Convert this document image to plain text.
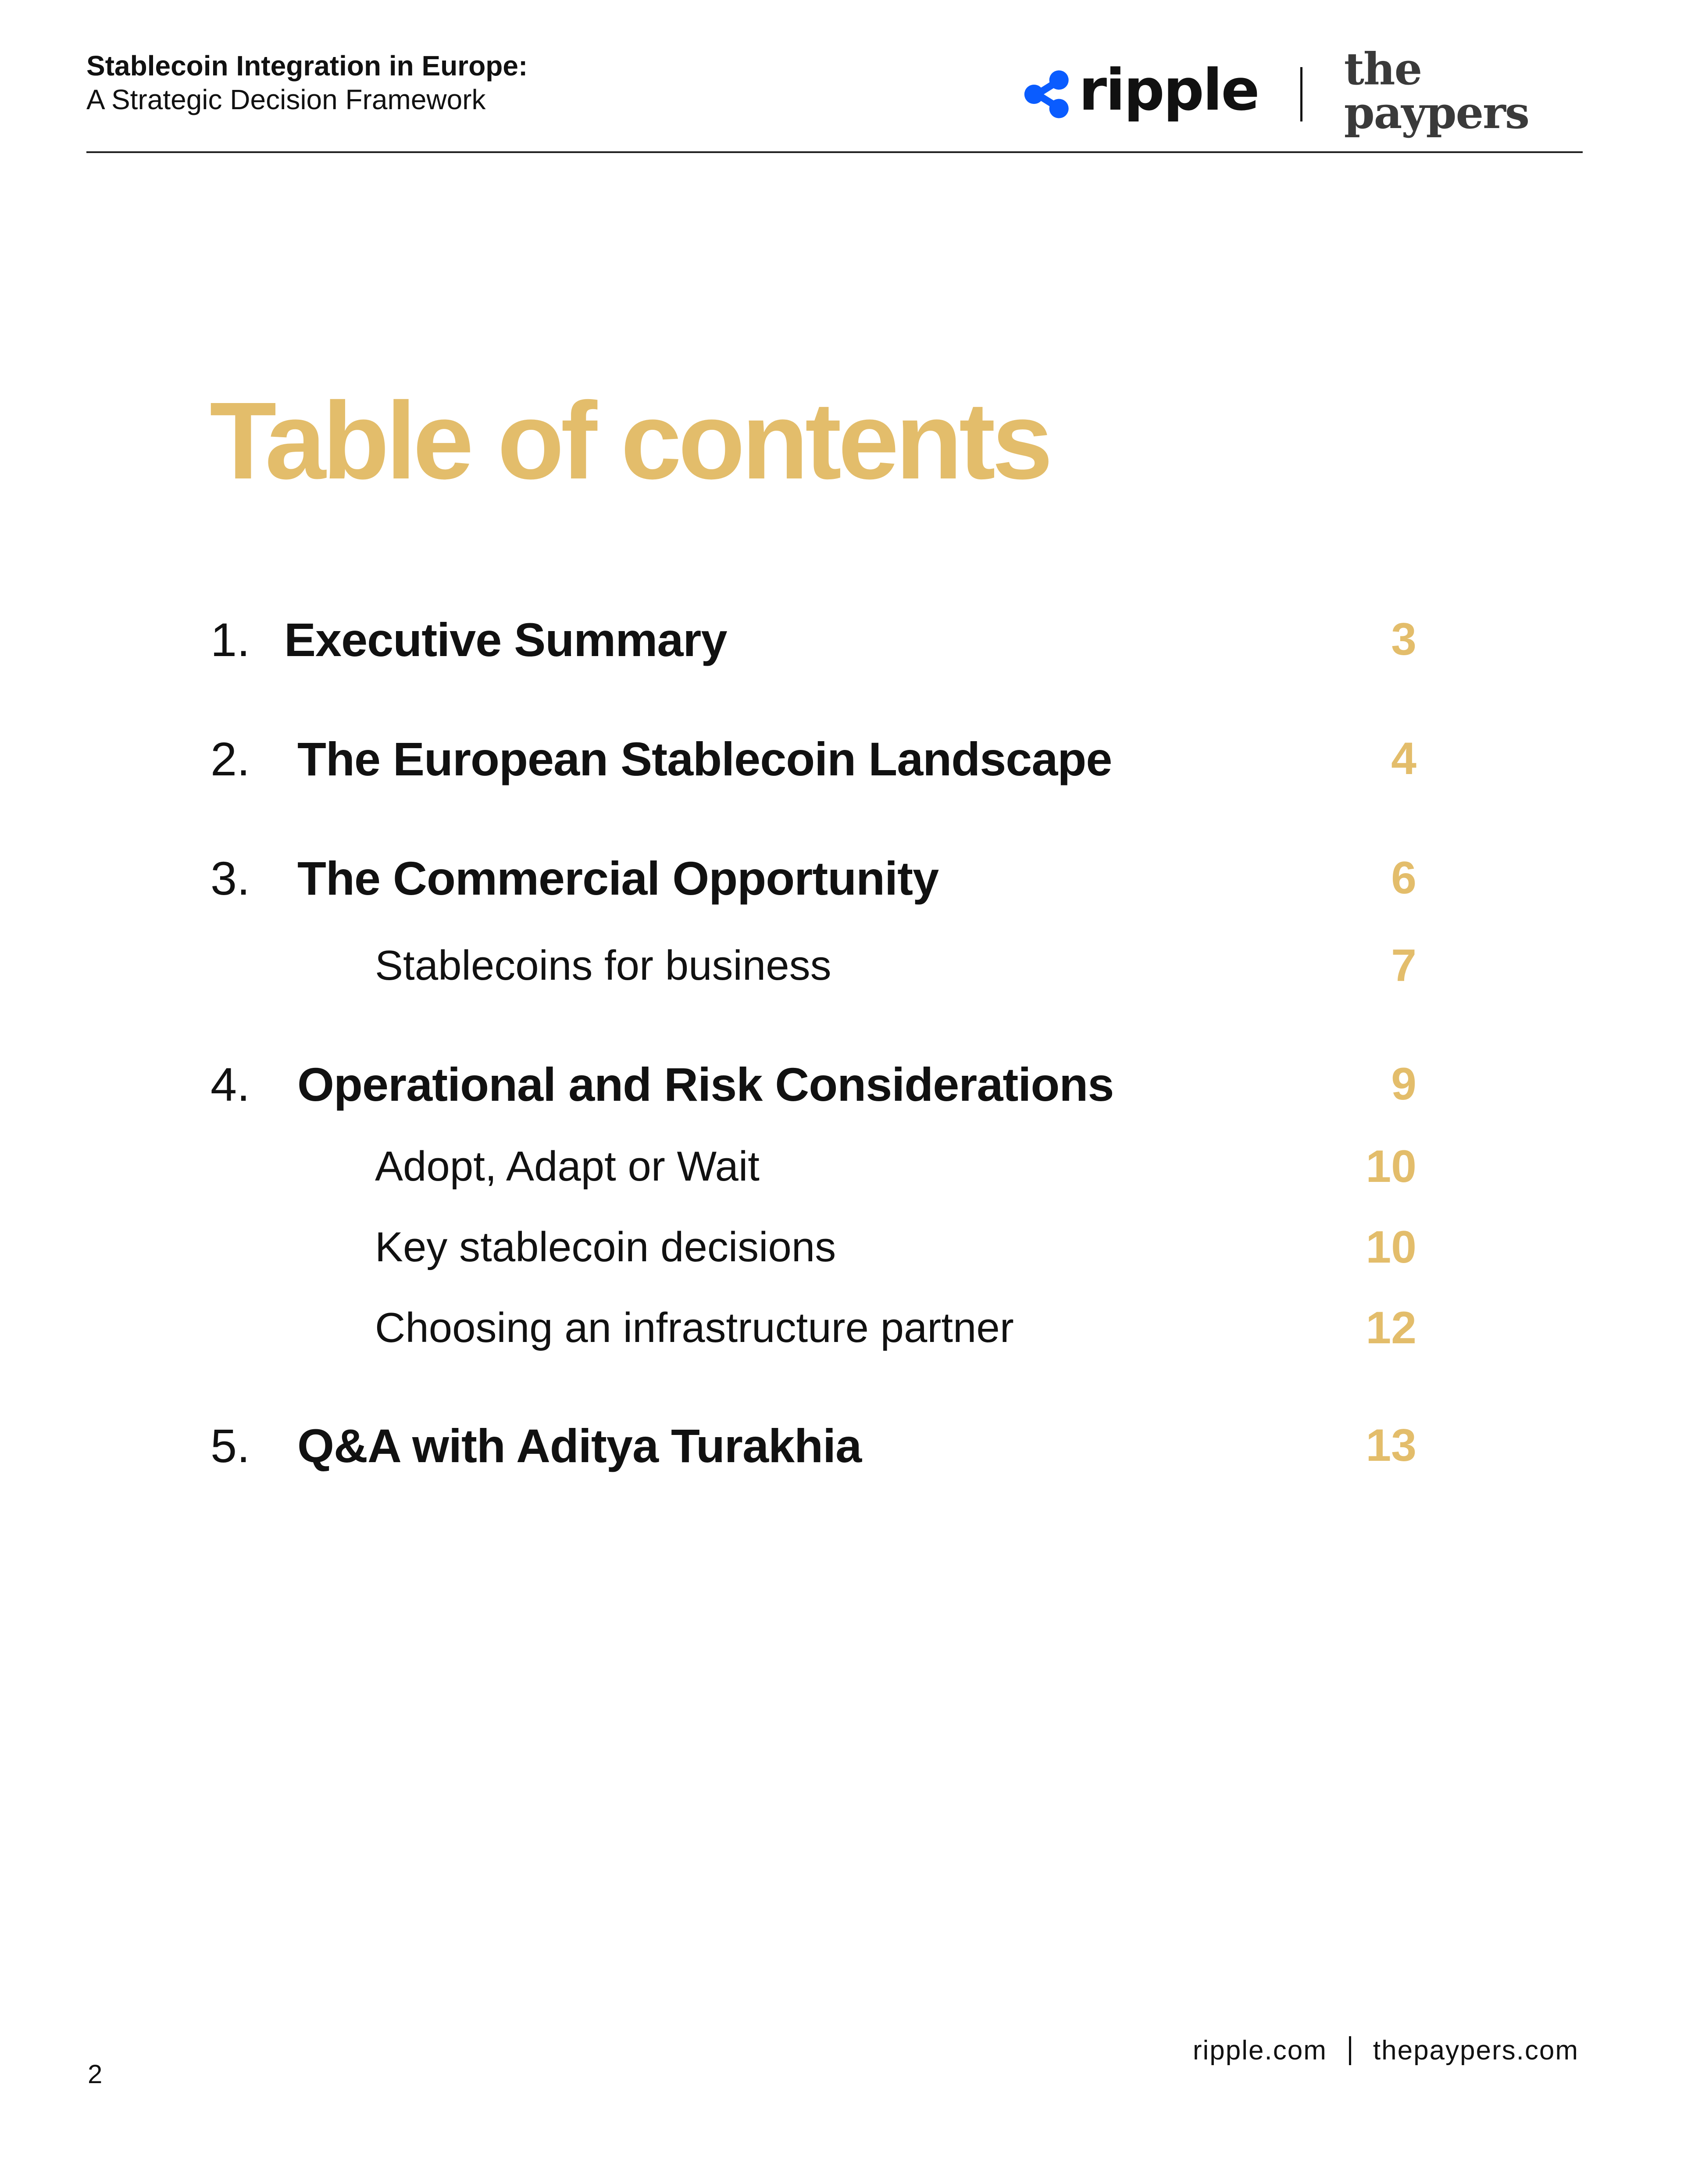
Stablecoin Integration in Europe:
A Strategic Decision Framework	ripple the paypers
Table of contents
1. Executive Summary	3
2. The European Stablecoin Landscape	4
3. The Commercial Opportunity	6
Stablecoins for business	7
4. Operational and Risk Considerations	9
Adopt, Adapt or Wait	10
Key stablecoin decisions	10
Choosing an infrastructure partner	12
5. Q&A with Aditya Turakhia	13
2
ripple.com thepaypers.com
